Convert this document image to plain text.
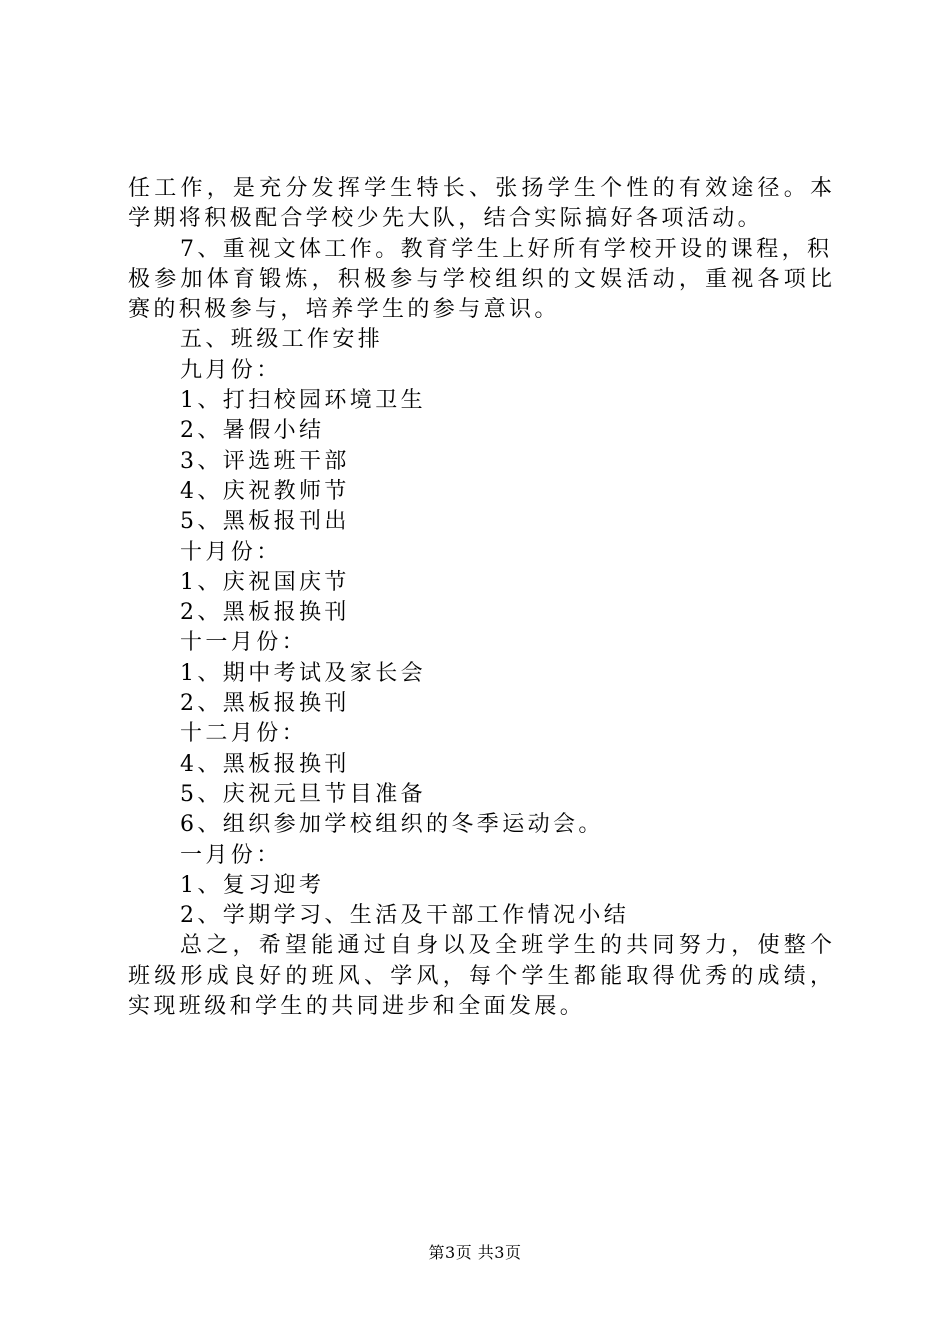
任工作，是充分发挥学生特长、张扬学生个性的有效途径。本
学期将积极配合学校少先大队，结合实际搞好各项活动。
7、重视文体工作。教育学生上好所有学校开设的课程，积
极参加体育锻炼，积极参与学校组织的文娱活动，重视各项比
赛的积极参与，培养学生的参与意识。
五、班级工作安排
九月份：
1、打扫校园环境卫生
2、暑假小结
3、评选班干部
4、庆祝教师节
5、黑板报刊出
十月份：
1、庆祝国庆节
2、黑板报换刊
十一月份：
1、期中考试及家长会
2、黑板报换刊
十二月份：
4、黑板报换刊
5、庆祝元旦节目准备
6、组织参加学校组织的冬季运动会。
一月份：
1、复习迎考
2、学期学习、生活及干部工作情况小结
总之，希望能通过自身以及全班学生的共同努力，使整个
班级形成良好的班风、学风，每个学生都能取得优秀的成绩，
实现班级和学生的共同进步和全面发展。
第3页 共3页
